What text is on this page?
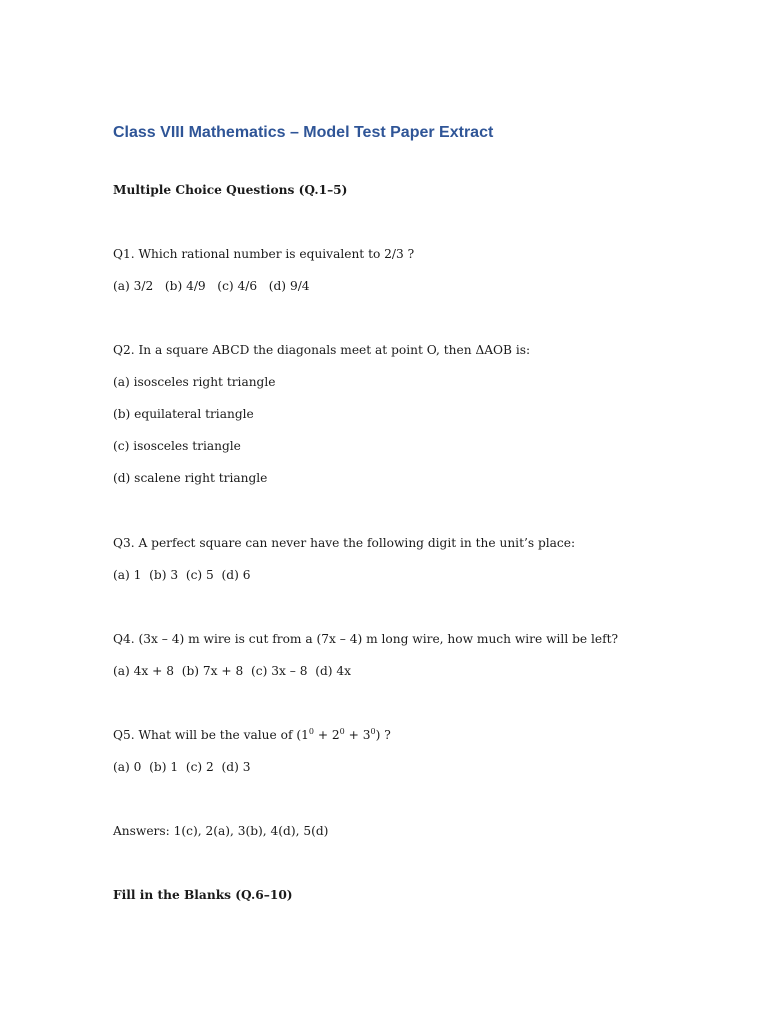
Class VIII Mathematics – Model Test Paper Extract

Multiple Choice Questions (Q.1–5)

Q1. Which rational number is equivalent to 2/3 ?

(a) 3/2   (b) 4/9   (c) 4/6   (d) 9/4

Q2. In a square ABCD the diagonals meet at point O, then ΔAOB is:

(a) isosceles right triangle

(b) equilateral triangle

(c) isosceles triangle

(d) scalene right triangle

Q3. A perfect square can never have the following digit in the unit’s place:

(a) 1  (b) 3  (c) 5  (d) 6

Q4. (3x – 4) m wire is cut from a (7x – 4) m long wire, how much wire will be left?

(a) 4x + 8  (b) 7x + 8  (c) 3x – 8  (d) 4x

Q5. What will be the value of $(1^0 + 2^0 + 3^0)$ ?

(a) 0  (b) 1  (c) 2  (d) 3

Answers: 1(c), 2(a), 3(b), 4(d), 5(d)

Fill in the Blanks (Q.6–10)
